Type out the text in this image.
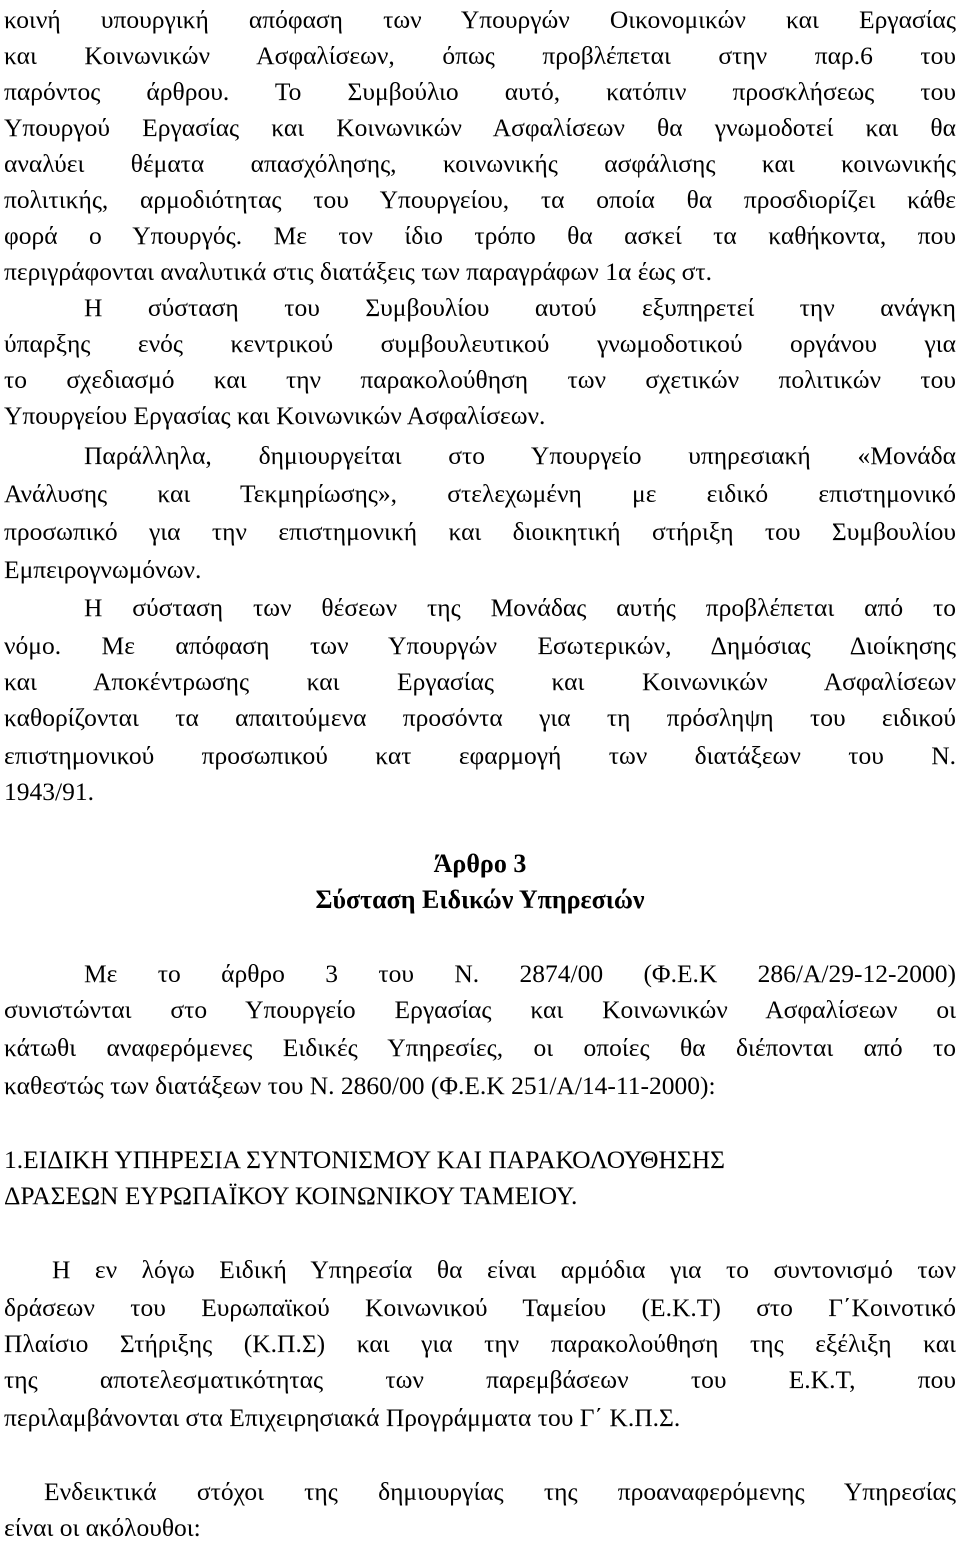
κοινή υπουργική απόφαση των Υπουργών Οικονομικών και Εργασίας
και Κοινωνικών Ασφαλίσεων, όπως προβλέπεται στην παρ.6 του
παρόντος άρθρου. Το Συμβούλιο αυτό, κατόπιν προσκλήσεως του
Υπουργού Εργασίας και Κοινωνικών Ασφαλίσεων θα γνωμοδοτεί και θα
αναλύει θέματα απασχόλησης, κοινωνικής ασφάλισης και κοινωνικής
πολιτικής, αρμοδιότητας του Υπουργείου, τα οποία θα προσδιορίζει κάθε
φορά ο Υπουργός. Με τον ίδιο τρόπο θα ασκεί τα καθήκοντα, που
περιγράφονται αναλυτικά στις διατάξεις των παραγράφων 1α έως στ.
Η σύσταση του Συμβουλίου αυτού εξυπηρετεί την ανάγκη
ύπαρξης ενός κεντρικού συμβουλευτικού γνωμοδοτικού οργάνου για
το σχεδιασμό και την παρακολούθηση των σχετικών πολιτικών του
Υπουργείου Εργασίας και Κοινωνικών Ασφαλίσεων.
Παράλληλα, δημιουργείται στο Υπουργείο υπηρεσιακή «Μονάδα
Ανάλυσης και Τεκμηρίωσης», στελεχωμένη με ειδικό επιστημονικό
προσωπικό για την επιστημονική και διοικητική στήριξη του Συμβουλίου
Εμπειρογνωμόνων.
Η σύσταση των θέσεων της Μονάδας αυτής προβλέπεται από το
νόμο. Με απόφαση των Υπουργών Εσωτερικών, Δημόσιας Διοίκησης
και Αποκέντρωσης και Εργασίας και Κοινωνικών Ασφαλίσεων
καθορίζονται τα απαιτούμενα προσόντα για τη πρόσληψη του ειδικού
επιστημονικού προσωπικού κατ εφαρμογή των διατάξεων του Ν.
1943/91.
Άρθρο 3
Σύσταση Ειδικών Υπηρεσιών
Με το άρθρο 3 του Ν. 2874/00 (Φ.Ε.Κ 286/Α/29-12-2000)
συνιστώνται στο Υπουργείο Εργασίας και Κοινωνικών Ασφαλίσεων οι
κάτωθι αναφερόμενες Ειδικές Υπηρεσίες, οι οποίες θα διέπονται από το
καθεστώς των διατάξεων του Ν. 2860/00 (Φ.Ε.Κ 251/Α/14-11-2000):
1.ΕΙΔΙΚΗ ΥΠΗΡΕΣΙΑ ΣΥΝΤΟΝΙΣΜΟΥ ΚΑΙ ΠΑΡΑΚΟΛΟΥΘΗΣΗΣ
ΔΡΑΣΕΩΝ ΕΥΡΩΠΑΪΚΟΥ ΚΟΙΝΩΝΙΚΟΥ ΤΑΜΕΙΟΥ.
Η εν λόγω Ειδική Υπηρεσία θα είναι αρμόδια για το συντονισμό των
δράσεων του Ευρωπαϊκού Κοινωνικού Ταμείου (Ε.Κ.Τ) στο Γ΄Κοινοτικό
Πλαίσιο Στήριξης (Κ.Π.Σ) και για την παρακολούθηση της εξέλιξη και
της αποτελεσματικότητας των παρεμβάσεων του Ε.Κ.Τ, που
περιλαμβάνονται στα Επιχειρησιακά Προγράμματα του Γ΄ Κ.Π.Σ.
Ενδεικτικά στόχοι της δημιουργίας της προαναφερόμενης Υπηρεσίας
είναι οι ακόλουθοι:
